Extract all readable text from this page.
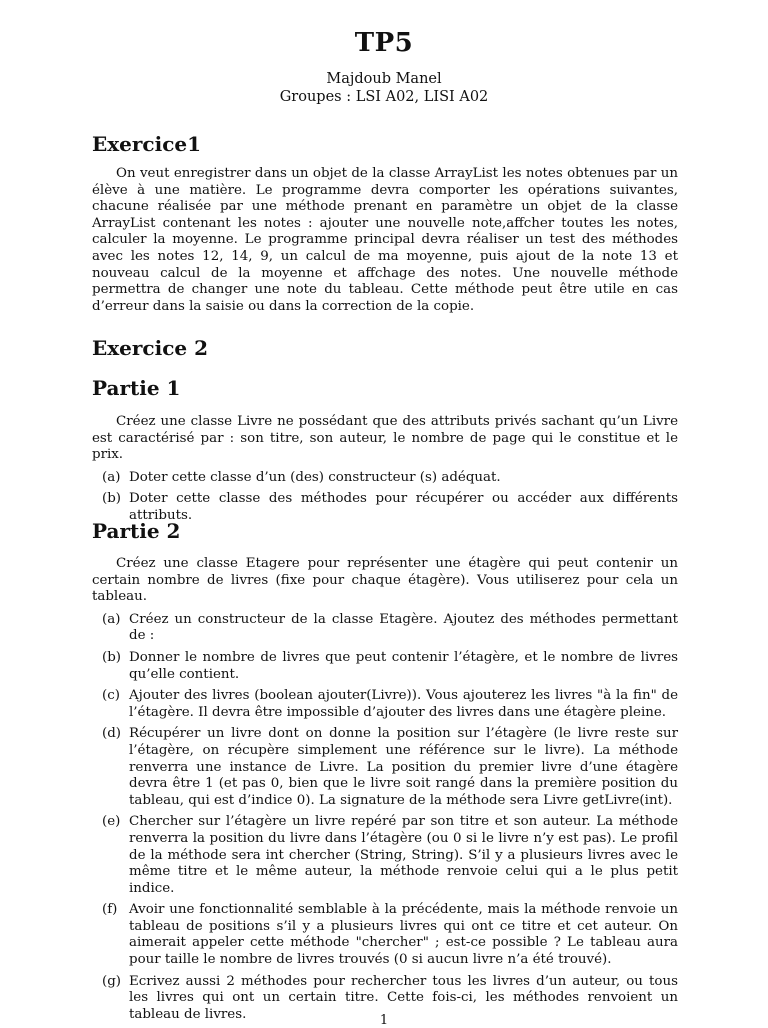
TP5
Majdoub Manel
Groupes : LSI A02, LISI A02
Exercice1

On veut enregistrer dans un objet de la classe ArrayList les notes obtenues par un élève à une matière. Le programme devra comporter les opérations suivantes, chacune réalisée par une méthode prenant en paramètre un objet de la classe ArrayList contenant les notes : ajouter une nouvelle note,affcher toutes les notes, calculer la moyenne. Le programme principal devra réaliser un test des méthodes avec les notes 12, 14, 9, un calcul de ma moyenne, puis ajout de la note 13 et nouveau calcul de la moyenne et affchage des notes. Une nouvelle méthode permettra de changer une note du tableau. Cette méthode peut être utile en cas d’erreur dans la saisie ou dans la correction de la copie.

Exercice 2
Partie 1

Créez une classe Livre ne possédant que des attributs privés sachant qu’un Livre est caractérisé par : son titre, son auteur, le nombre de page qui le constitue et le prix.

(a) Doter cette classe d’un (des) constructeur (s) adéquat.
(b) Doter cette classe des méthodes pour récupérer ou accéder aux différents attributs.
Partie 2

Créez une classe Etagere pour représenter une étagère qui peut contenir un certain nombre de livres (fixe pour chaque étagère). Vous utiliserez pour cela un tableau.

(a) Créez un constructeur de la classe Etagère. Ajoutez des méthodes permettant de :
(b) Donner le nombre de livres que peut contenir l’étagère, et le nombre de livres qu’elle contient.
(c) Ajouter des livres (boolean ajouter(Livre)). Vous ajouterez les livres "à la fin" de l’étagère. Il devra être impossible d’ajouter des livres dans une étagère pleine.
(d) Récupérer un livre dont on donne la position sur l’étagère (le livre reste sur l’étagère, on récupère simplement une référence sur le livre). La méthode renverra une instance de Livre. La position du premier livre d’une étagère devra être 1 (et pas 0, bien que le livre soit rangé dans la première position du tableau, qui est d’indice 0). La signature de la méthode sera Livre getLivre(int).
(e) Chercher sur l’étagère un livre repéré par son titre et son auteur. La méthode renverra la position du livre dans l’étagère (ou 0 si le livre n’y est pas). Le profil de la méthode sera int chercher (String, String). S’il y a plusieurs livres avec le même titre et le même auteur, la méthode renvoie celui qui a le plus petit indice.
(f) Avoir une fonctionnalité semblable à la précédente, mais la méthode renvoie un tableau de positions s’il y a plusieurs livres qui ont ce titre et cet auteur. On aimerait appeler cette méthode "chercher" ; est-ce possible ? Le tableau aura pour taille le nombre de livres trouvés (0 si aucun livre n’a été trouvé).
(g) Ecrivez aussi 2 méthodes pour rechercher tous les livres d’un auteur, ou tous les livres qui ont un certain titre. Cette fois-ci, les méthodes renvoient un tableau de livres.	1
